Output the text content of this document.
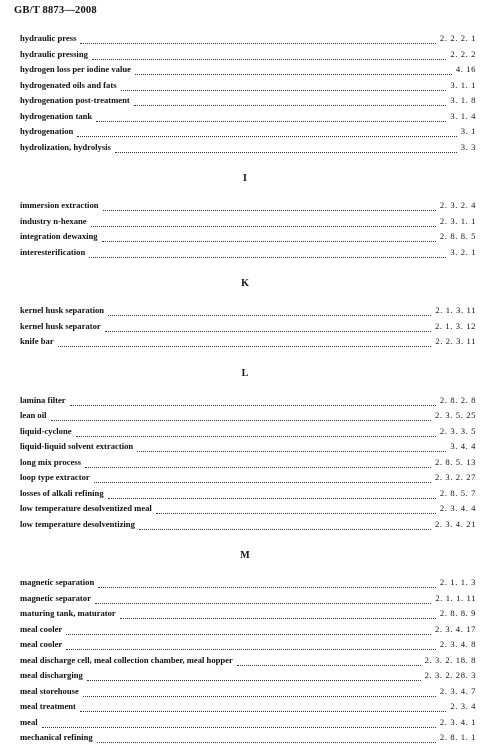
GB/T 8873—2008
hydraulic press	2. 2. 2. 1
hydraulic pressing	2. 2. 2
hydrogen loss per iodine value	4. 16
hydrogenated oils and fats	3. 1. 1
hydrogenation post-treatment	3. 1. 8
hydrogenation tank	3. 1. 4
hydrogenation	3. 1
hydrolization, hydrolysis	3. 3
I
immersion extraction	2. 3. 2. 4
industry n-hexane	2. 3. 1. 1
integration dewaxing	2. 8. 8. 5
interesterification	3. 2. 1
K
kernel husk separation	2. 1. 3. 11
kernel husk separator	2. 1. 3. 12
knife bar	2. 2. 3. 11
L
lamina filter	2. 8. 2. 8
lean oil	2. 3. 5. 25
liquid-cyclone	2. 3. 3. 5
liquid-liquid solvent extraction	3. 4. 4
long mix process	2. 8. 5. 13
loop type extractor	2. 3. 2. 27
losses of alkali refining	2. 8. 5. 7
low temperature desolventized meal	2. 3. 4. 4
low temperature desolventizing	2. 3. 4. 21
M
magnetic separation	2. 1. 1. 3
magnetic separator	2. 1. 1. 11
maturing tank, maturator	2. 8. 8. 9
meal cooler	2. 3. 4. 17
meal cooler	2. 3. 4. 8
meal discharge cell, meal collection chamber, meal hopper	2. 3. 2. 18. 8
meal discharging	2. 3. 2. 28. 3
meal storehouse	2. 3. 4. 7
meal treatment	2. 3. 4
meal	2. 3. 4. 1
mechanical refining	2. 8. 1. 1
